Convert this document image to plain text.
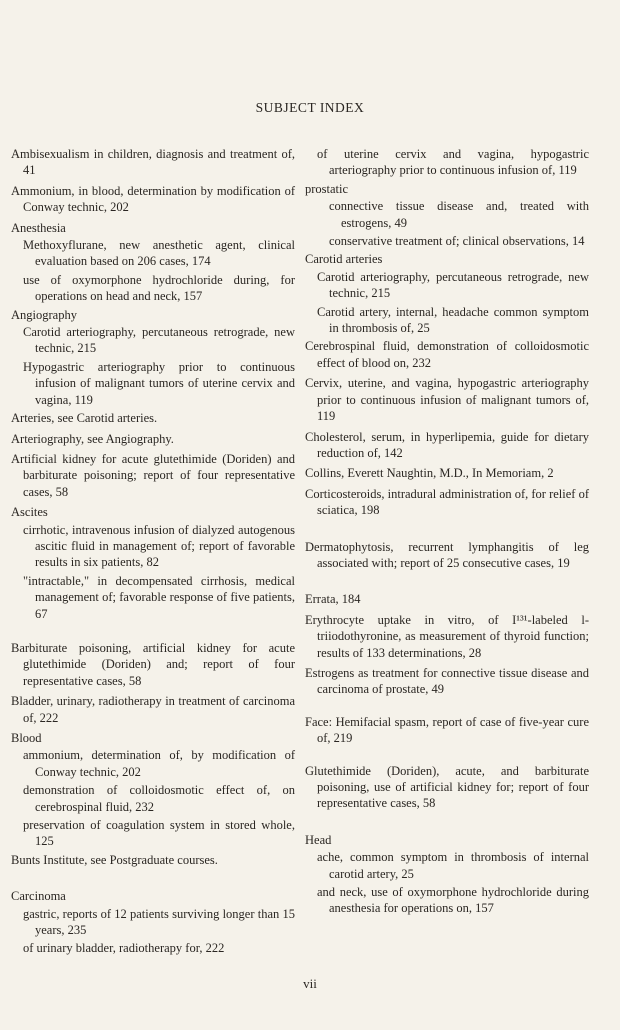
SUBJECT INDEX
Ambisexualism in children, diagnosis and treatment of, 41
Ammonium, in blood, determination by modification of Conway technic, 202
Anesthesia
Methoxyflurane, new anesthetic agent, clinical evaluation based on 206 cases, 174
use of oxymorphone hydrochloride during, for operations on head and neck, 157
Angiography
Carotid arteriography, percutaneous retrograde, new technic, 215
Hypogastric arteriography prior to continuous infusion of malignant tumors of uterine cervix and vagina, 119
Arteries, see Carotid arteries.
Arteriography, see Angiography.
Artificial kidney for acute glutethimide (Doriden) and barbiturate poisoning; report of four representative cases, 58
Ascites
cirrhotic, intravenous infusion of dialyzed autogenous ascitic fluid in management of; report of favorable results in six patients, 82
"intractable," in decompensated cirrhosis, medical management of; favorable response of five patients, 67
Barbiturate poisoning, artificial kidney for acute glutethimide (Doriden) and; report of four representative cases, 58
Bladder, urinary, radiotherapy in treatment of carcinoma of, 222
Blood
ammonium, determination of, by modification of Conway technic, 202
demonstration of colloidosmotic effect of, on cerebrospinal fluid, 232
preservation of coagulation system in stored whole, 125
Bunts Institute, see Postgraduate courses.
Carcinoma
gastric, reports of 12 patients surviving longer than 15 years, 235
of urinary bladder, radiotherapy for, 222
of uterine cervix and vagina, hypogastric arteriography prior to continuous infusion of, 119
prostatic
connective tissue disease and, treated with estrogens, 49
conservative treatment of; clinical observations, 14
Carotid arteries
Carotid arteriography, percutaneous retrograde, new technic, 215
Carotid artery, internal, headache common symptom in thrombosis of, 25
Cerebrospinal fluid, demonstration of colloidosmotic effect of blood on, 232
Cervix, uterine, and vagina, hypogastric arteriography prior to continuous infusion of malignant tumors of, 119
Cholesterol, serum, in hyperlipemia, guide for dietary reduction of, 142
Collins, Everett Naughtin, M.D., In Memoriam, 2
Corticosteroids, intradural administration of, for relief of sciatica, 198
Dermatophytosis, recurrent lymphangitis of leg associated with; report of 25 consecutive cases, 19
Errata, 184
Erythrocyte uptake in vitro, of I¹³¹-labeled l-triiodothyronine, as measurement of thyroid function; results of 133 determinations, 28
Estrogens as treatment for connective tissue disease and carcinoma of prostate, 49
Face: Hemifacial spasm, report of case of five-year cure of, 219
Glutethimide (Doriden), acute, and barbiturate poisoning, use of artificial kidney for; report of four representative cases, 58
Head
ache, common symptom in thrombosis of internal carotid artery, 25
and neck, use of oxymorphone hydrochloride during anesthesia for operations on, 157
vii
